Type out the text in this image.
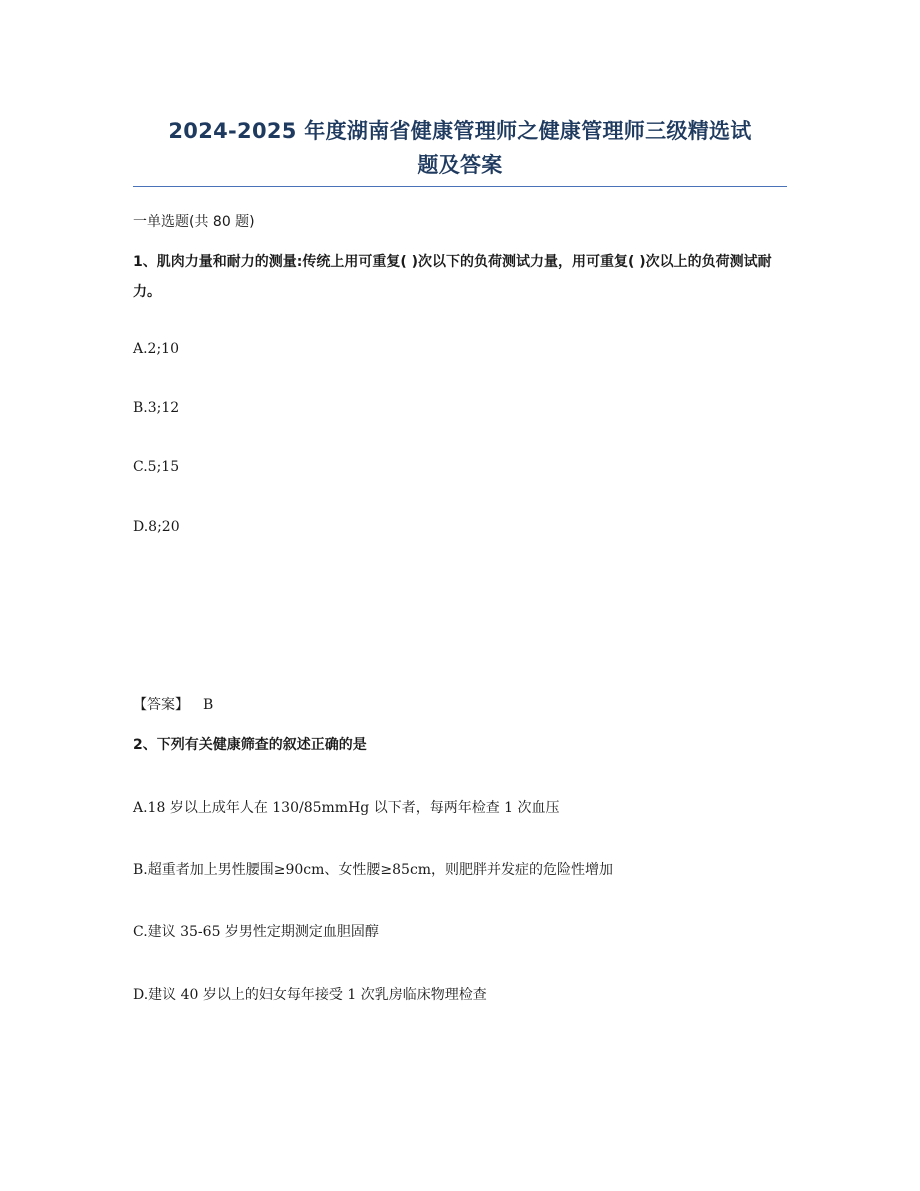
2024-2025 年度湖南省健康管理师之健康管理师三级精选试
题及答案
一单选题(共 80 题)
1、肌肉力量和耐力的测量:传统上用可重复( )次以下的负荷测试力量，用可重复( )次以上的负荷测试耐力。
A.2;10
B.3;12
C.5;15
D.8;20
【答案】 B
2、下列有关健康筛查的叙述正确的是
A.18 岁以上成年人在 130/85mmHg 以下者，每两年检查 1 次血压
B.超重者加上男性腰围≥90cm、女性腰≥85cm，则肥胖并发症的危险性增加
C.建议 35-65 岁男性定期测定血胆固醇
D.建议 40 岁以上的妇女每年接受 1 次乳房临床物理检查
